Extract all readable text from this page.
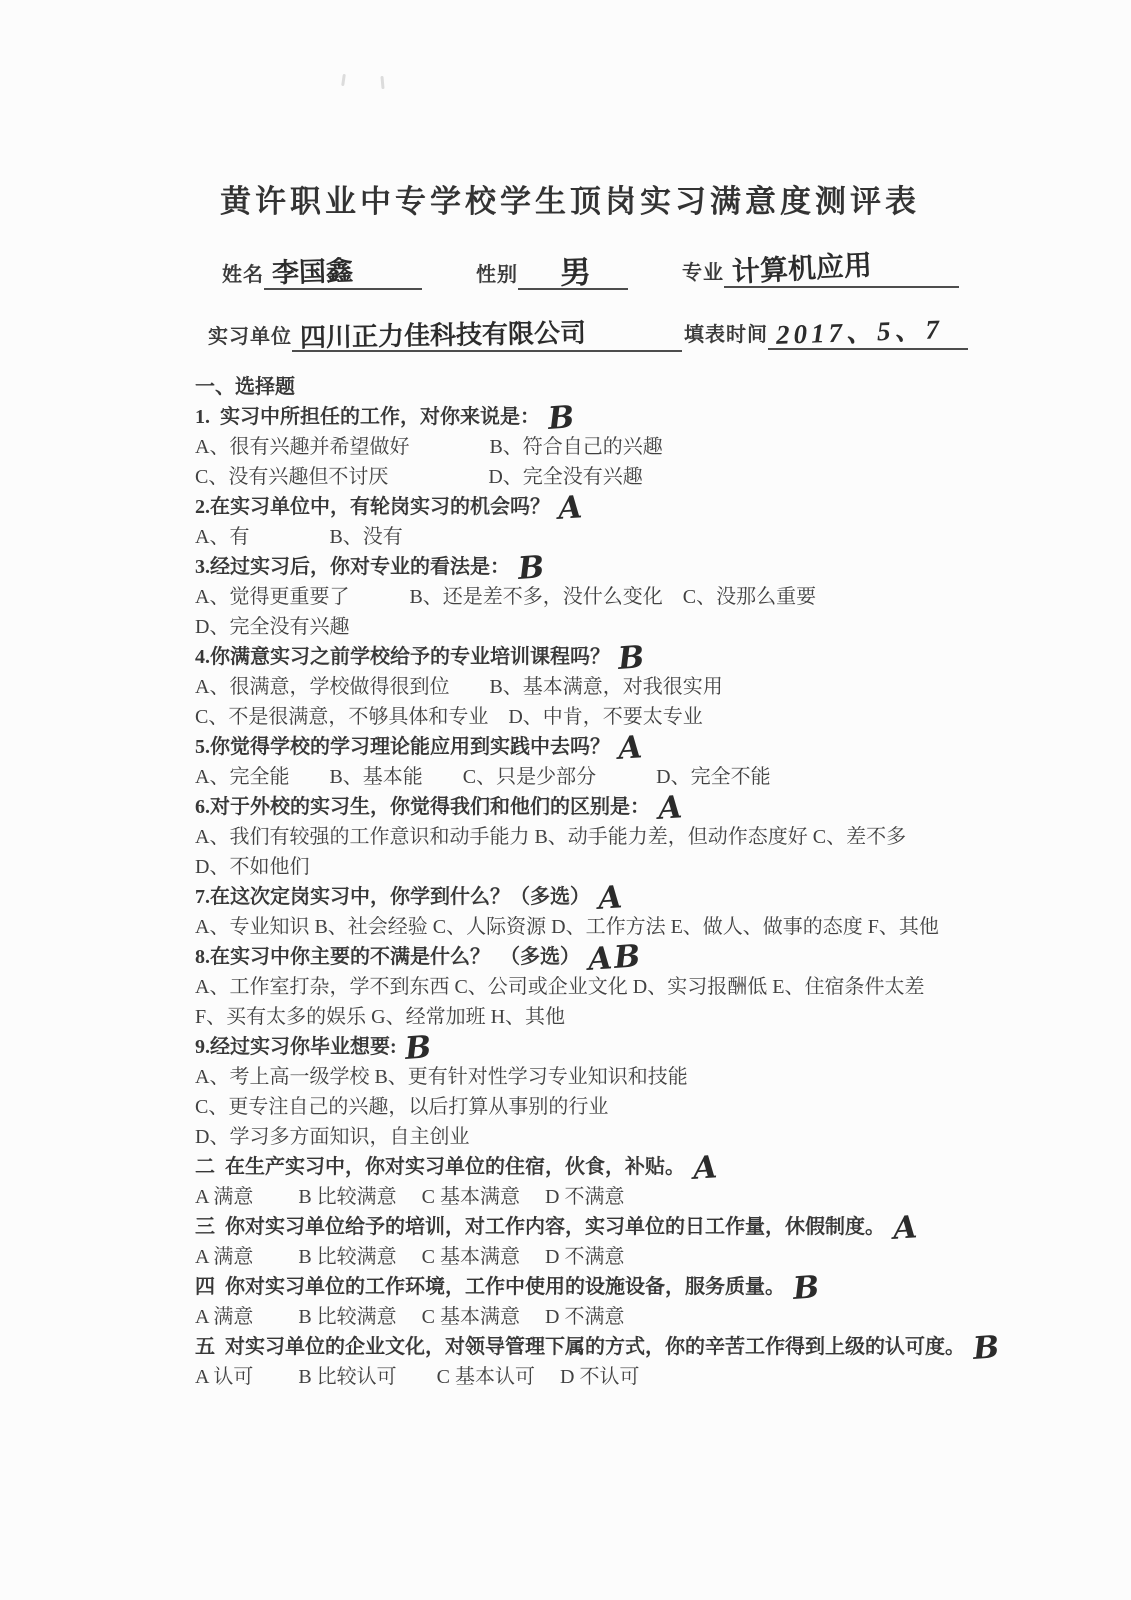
黄许职业中专学校学生顶岗实习满意度测评表
姓名 李国鑫	性别 男	专业 计算机应用
实习单位 四川正力佳科技有限公司	填表时间 2017、5、7
一、选择题
1.  实习中所担任的工作，对你来说是： B
A、很有兴趣并希望做好　　　　B、符合自己的兴趣
C、没有兴趣但不讨厌　　　　　D、完全没有兴趣
2.在实习单位中，有轮岗实习的机会吗？ A
A、有　　　　B、没有
3.经过实习后，你对专业的看法是： B
A、觉得更重要了　　　B、还是差不多，没什么变化　C、没那么重要
D、完全没有兴趣
4.你满意实习之前学校给予的专业培训课程吗？ B
A、很满意，学校做得很到位　　B、基本满意，对我很实用
C、不是很满意，不够具体和专业　D、中肯，不要太专业
5.你觉得学校的学习理论能应用到实践中去吗？ A
A、完全能　　B、基本能　　C、只是少部分　　　D、完全不能
6.对于外校的实习生，你觉得我们和他们的区别是： A
A、我们有较强的工作意识和动手能力 B、动手能力差，但动作态度好 C、差不多
D、不如他们
7.在这次定岗实习中，你学到什么？（多选） A
A、专业知识 B、社会经验 C、人际资源 D、工作方法 E、做人、做事的态度 F、其他
8.在实习中你主要的不满是什么？　（多选） AB
A、工作室打杂，学不到东西 C、公司或企业文化 D、实习报酬低 E、住宿条件太差
F、买有太多的娱乐 G、经常加班 H、其他
9.经过实习你毕业想要: B
A、考上高一级学校 B、更有针对性学习专业知识和技能
C、更专注自己的兴趣，以后打算从事别的行业
D、学习多方面知识，自主创业
二  在生产实习中，你对实习单位的住宿，伙食，补贴。 A
A 满意　　 B 比较满意　 C 基本满意　 D 不满意
三  你对实习单位给予的培训，对工作内容，实习单位的日工作量，休假制度。 A
A 满意　　 B 比较满意　 C 基本满意　 D 不满意
四  你对实习单位的工作环境，工作中使用的设施设备，服务质量。 B
A 满意　　 B 比较满意　 C 基本满意　 D 不满意
五  对实习单位的企业文化，对领导管理下属的方式，你的辛苦工作得到上级的认可度。 B
A 认可　　 B 比较认可　　C 基本认可　 D 不认可
